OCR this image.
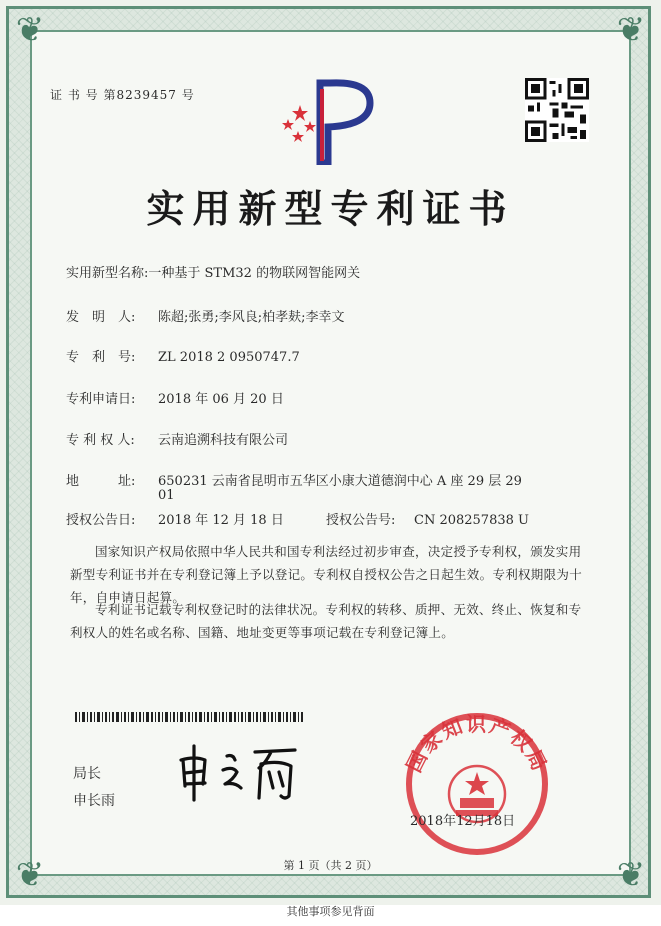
❦	❦
❦	❦
证 书 号 第8239457 号
实用新型专利证书
实用新型名称:一种基于 STM32 的物联网智能网关
发　明　人: 陈超;张勇;李风良;柏孝麸;李幸文
专　利　号: ZL 2018 2 0950747.7
专利申请日: 2018 年 06 月 20 日
专 利 权 人: 云南追溯科技有限公司
地　　　址: 650231 云南省昆明市五华区小康大道德润中心 A 座 29 层 29
01
授权公告日: 2018 年 12 月 18 日	授权公告号: CN 208257838 U
国家知识产权局依照中华人民共和国专利法经过初步审查，决定授予专利权，颁发实用新型专利证书并在专利登记簿上予以登记。专利权自授权公告之日起生效。专利权期限为十年，自申请日起算。
专利证书记载专利权登记时的法律状况。专利权的转移、质押、无效、终止、恢复和专利权人的姓名或名称、国籍、地址变更等事项记载在专利登记簿上。
局长
申长雨
国家知识产权局
2018年12月18日
第 1 页（共 2 页）
其他事项参见背面
